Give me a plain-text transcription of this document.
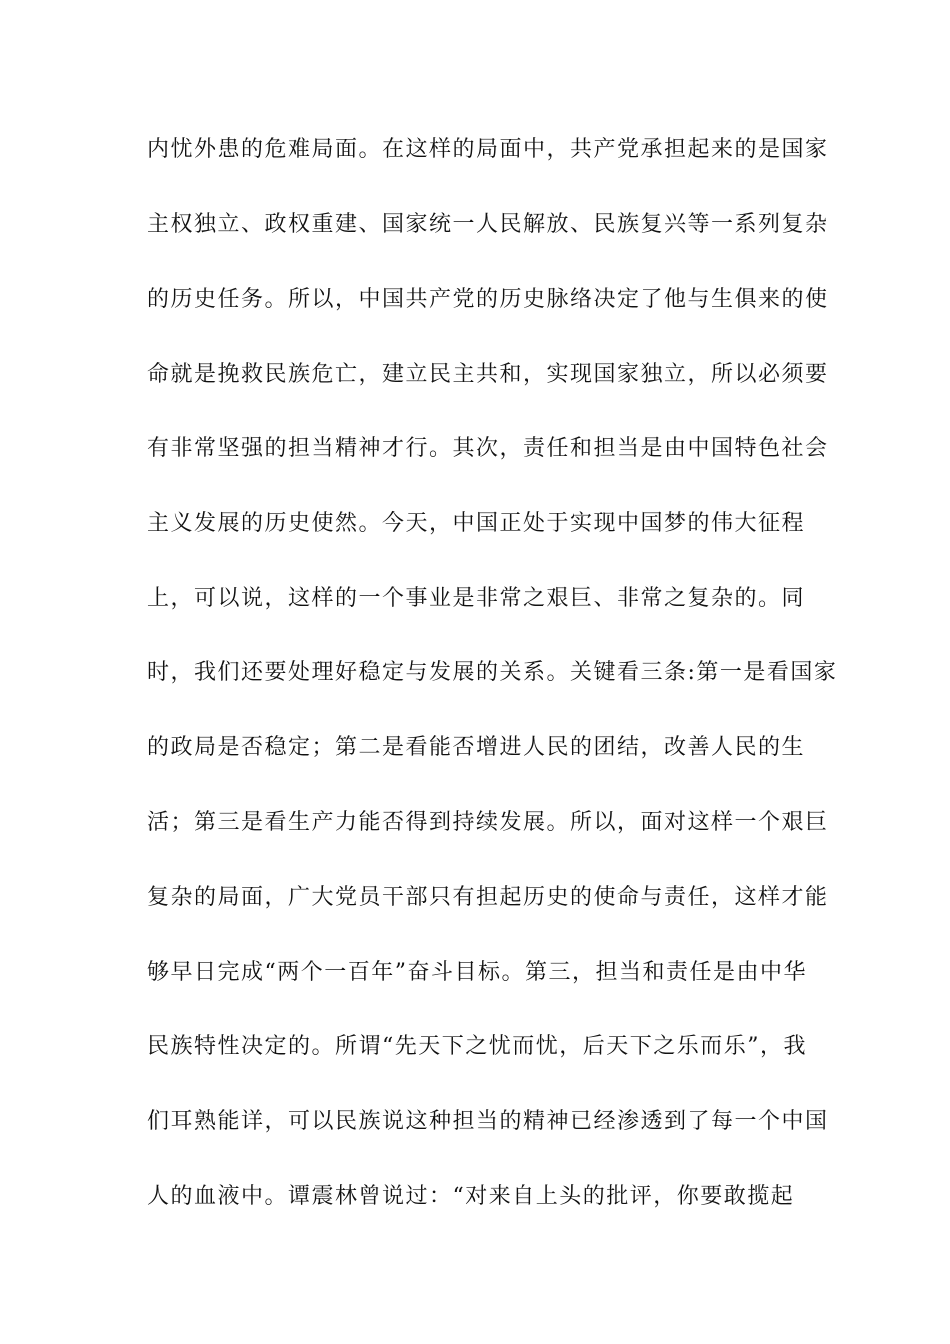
内忧外患的危难局面。在这样的局面中，共产党承担起来的是国家
主权独立、政权重建、国家统一人民解放、民族复兴等一系列复杂
的历史任务。所以，中国共产党的历史脉络决定了他与生俱来的使
命就是挽救民族危亡，建立民主共和，实现国家独立，所以必须要
有非常坚强的担当精神才行。其次，责任和担当是由中国特色社会
主义发展的历史使然。今天，中国正处于实现中国梦的伟大征程
上，可以说，这样的一个事业是非常之艰巨、非常之复杂的。同
时，我们还要处理好稳定与发展的关系。关键看三条:第一是看国家
的政局是否稳定；第二是看能否增进人民的团结，改善人民的生
活；第三是看生产力能否得到持续发展。所以，面对这样一个艰巨
复杂的局面，广大党员干部只有担起历史的使命与责任，这样才能
够早日完成“两个一百年”奋斗目标。第三，担当和责任是由中华
民族特性决定的。所谓“先天下之忧而忧，后天下之乐而乐”，我
们耳熟能详，可以民族说这种担当的精神已经渗透到了每一个中国
人的血液中。谭震林曾说过：“对来自上头的批评，你要敢揽起
